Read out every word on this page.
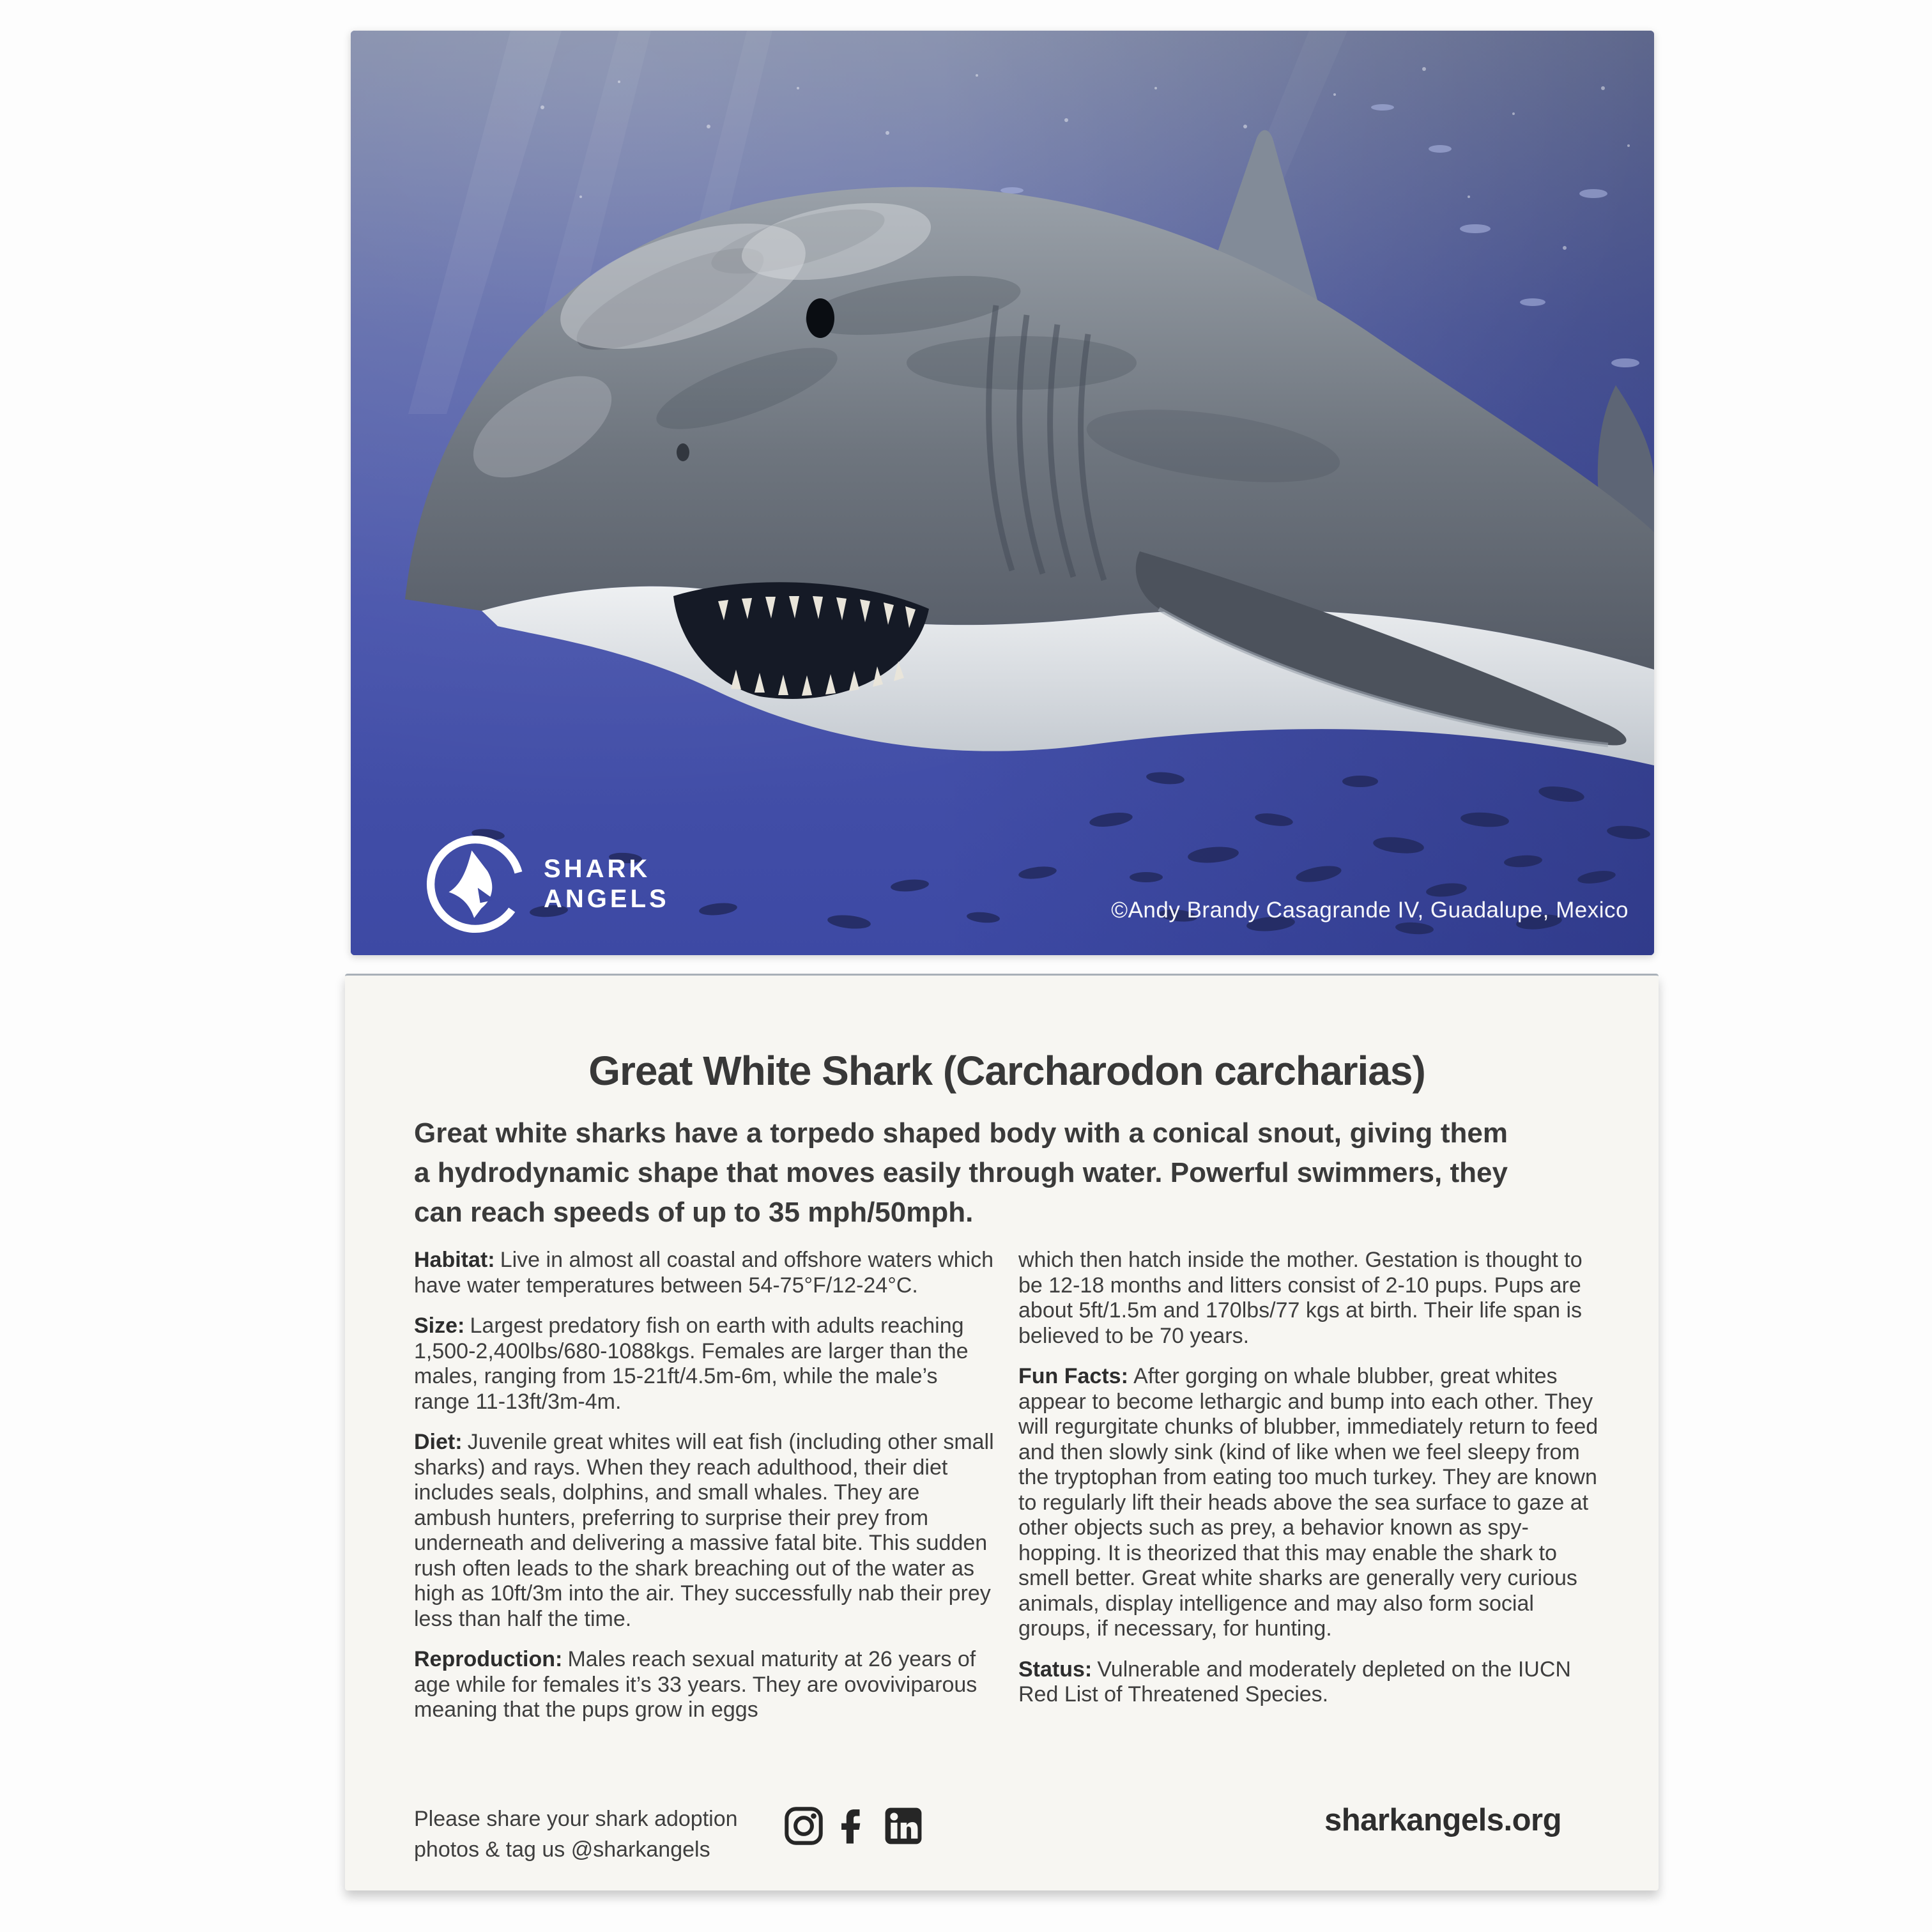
SHARK
ANGELS	©Andy Brandy Casagrande IV, Guadalupe, Mexico
Great White Shark (Carcharodon carcharias)

Great white sharks have a torpedo shaped body with a conical snout, giving them a hydrodynamic shape that moves easily through water. Powerful swimmers, they can reach speeds of up to 35 mph/50mph.

Habitat: Live in almost all coastal and offshore waters which have water temperatures between 54-75°F/12-24°C.

Size: Largest predatory fish on earth with adults reaching 1,500-2,400lbs/680-1088kgs. Females are larger than the males, ranging from 15-21ft/4.5m-6m, while the male’s range 11-13ft/3m-4m.

Diet: Juvenile great whites will eat fish (including other small sharks) and rays. When they reach adulthood, their diet includes seals, dolphins, and small whales. They are ambush hunters, preferring to surprise their prey from underneath and delivering a massive fatal bite. This sudden rush often leads to the shark breaching out of the water as high as 10ft/3m into the air. They successfully nab their prey less than half the time.

Reproduction: Males reach sexual maturity at 26 years of age while for females it’s 33 years. They are ovoviviparous meaning that the pups grow in eggs

which then hatch inside the mother. Gestation is thought to be 12-18 months and litters consist of 2-10 pups. Pups are about 5ft/1.5m and 170lbs/77 kgs at birth. Their life span is believed to be 70 years.

Fun Facts: After gorging on whale blubber, great whites appear to become lethargic and bump into each other. They will regurgitate chunks of blubber, immediately return to feed and then slowly sink (kind of like when we feel sleepy from the tryptophan from eating too much turkey. They are known to regularly lift their heads above the sea surface to gaze at other objects such as prey, a behavior known as spy-hopping. It is theorized that this may enable the shark to smell better. Great white sharks are generally very curious animals, display intelligence and may also form social groups, if necessary, for hunting.

Status: Vulnerable and moderately depleted on the IUCN Red List of Threatened Species.

Please share your shark adoption
photos & tag us @sharkangels
sharkangels.org
